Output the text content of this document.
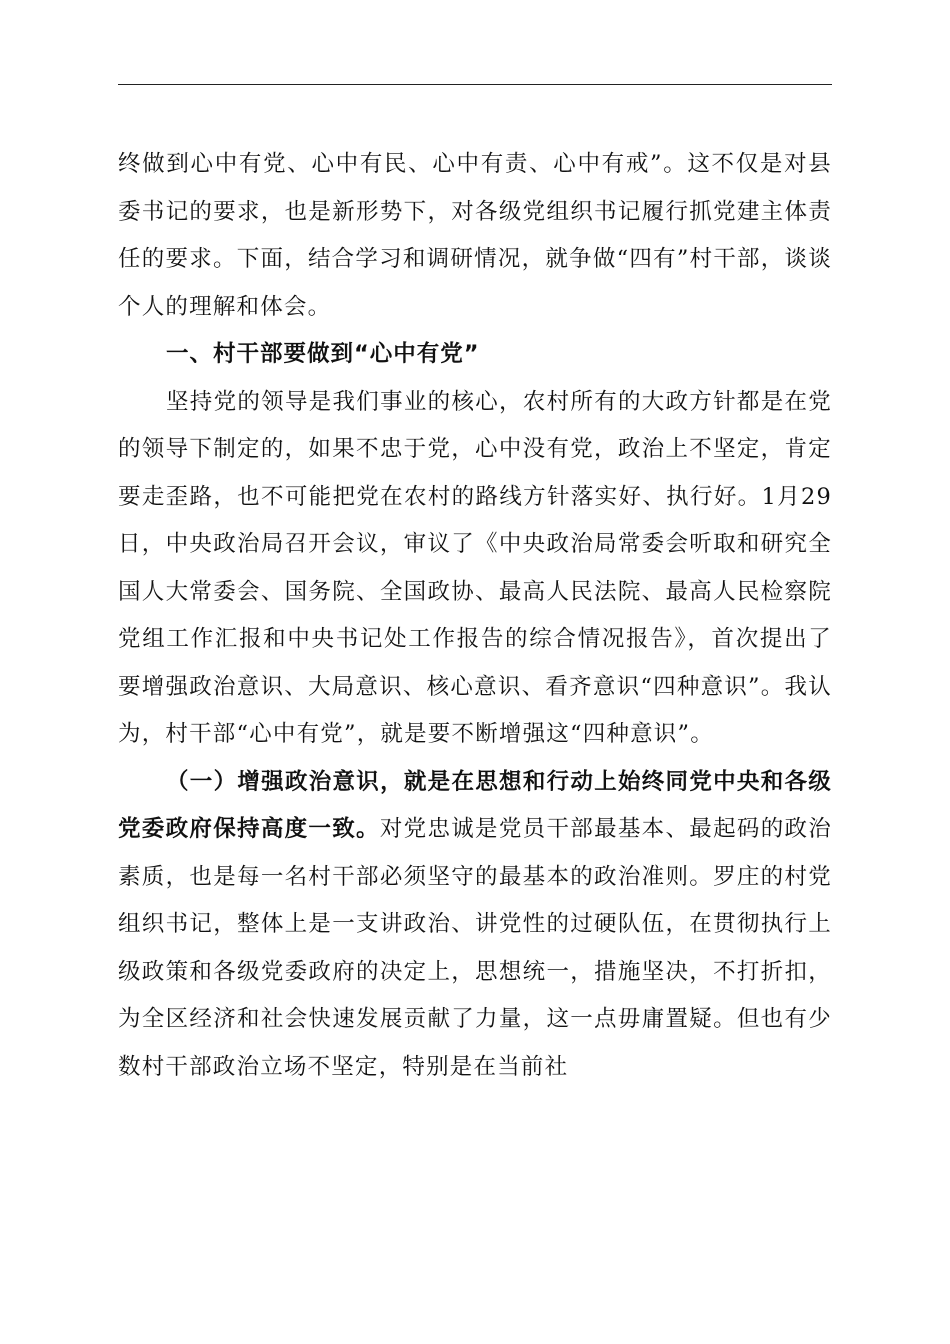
终做到心中有党、心中有民、心中有责、心中有戒”。这不仅是对县委书记的要求，也是新形势下，对各级党组织书记履行抓党建主体责任的要求。下面，结合学习和调研情况，就争做“四有”村干部，谈谈个人的理解和体会。

一、村干部要做到“心中有党”

坚持党的领导是我们事业的核心，农村所有的大政方针都是在党的领导下制定的，如果不忠于党，心中没有党，政治上不坚定，肯定要走歪路，也不可能把党在农村的路线方针落实好、执行好。1月29日，中央政治局召开会议，审议了《中央政治局常委会听取和研究全国人大常委会、国务院、全国政协、最高人民法院、最高人民检察院党组工作汇报和中央书记处工作报告的综合情况报告》，首次提出了要增强政治意识、大局意识、核心意识、看齐意识“四种意识”。我认为，村干部“心中有党”，就是要不断增强这“四种意识”。

（一）增强政治意识，就是在思想和行动上始终同党中央和各级党委政府保持高度一致。对党忠诚是党员干部最基本、最起码的政治素质，也是每一名村干部必须坚守的最基本的政治准则。罗庄的村党组织书记，整体上是一支讲政治、讲党性的过硬队伍，在贯彻执行上级政策和各级党委政府的决定上，思想统一，措施坚决，不打折扣，为全区经济和社会快速发展贡献了力量，这一点毋庸置疑。但也有少数村干部政治立场不坚定，特别是在当前社
